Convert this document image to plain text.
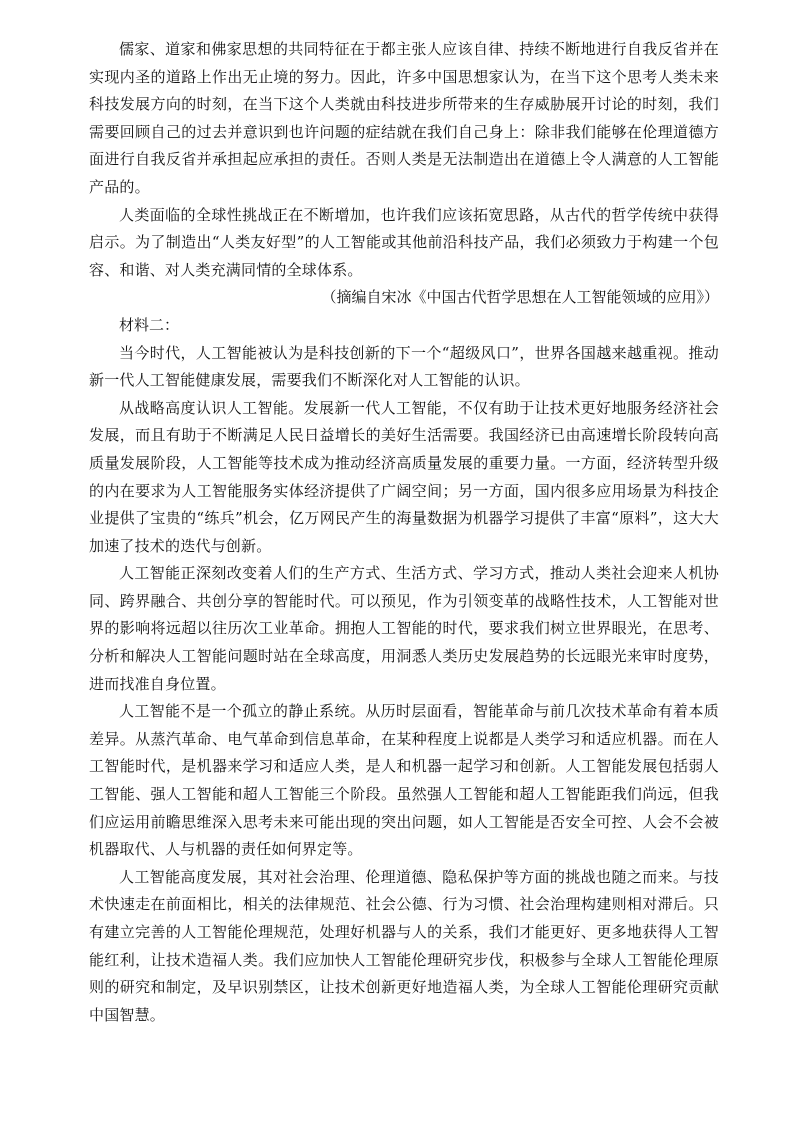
儒家、道家和佛家思想的共同特征在于都主张人应该自律、持续不断地进行自我反省并在实现内圣的道路上作出无止境的努力。因此，许多中国思想家认为，在当下这个思考人类未来科技发展方向的时刻，在当下这个人类就由科技进步所带来的生存威胁展开讨论的时刻，我们需要回顾自己的过去并意识到也许问题的症结就在我们自己身上：除非我们能够在伦理道德方面进行自我反省并承担起应承担的责任。否则人类是无法制造出在道德上令人满意的人工智能产品的。

人类面临的全球性挑战正在不断增加，也许我们应该拓宽思路，从古代的哲学传统中获得启示。为了制造出“人类友好型”的人工智能或其他前沿科技产品，我们必须致力于构建一个包容、和谐、对人类充满同情的全球体系。

（摘编自宋冰《中国古代哲学思想在人工智能领域的应用》）

材料二：

当今时代，人工智能被认为是科技创新的下一个“超级风口”，世界各国越来越重视。推动新一代人工智能健康发展，需要我们不断深化对人工智能的认识。

从战略高度认识人工智能。发展新一代人工智能，不仅有助于让技术更好地服务经济社会发展，而且有助于不断满足人民日益增长的美好生活需要。我国经济已由高速增长阶段转向高质量发展阶段，人工智能等技术成为推动经济高质量发展的重要力量。一方面，经济转型升级的内在要求为人工智能服务实体经济提供了广阔空间；另一方面，国内很多应用场景为科技企业提供了宝贵的“练兵”机会，亿万网民产生的海量数据为机器学习提供了丰富“原料”，这大大加速了技术的迭代与创新。

人工智能正深刻改变着人们的生产方式、生活方式、学习方式，推动人类社会迎来人机协同、跨界融合、共创分享的智能时代。可以预见，作为引领变革的战略性技术，人工智能对世界的影响将远超以往历次工业革命。拥抱人工智能的时代，要求我们树立世界眼光，在思考、分析和解决人工智能问题时站在全球高度，用洞悉人类历史发展趋势的长远眼光来审时度势，进而找准自身位置。

人工智能不是一个孤立的静止系统。从历时层面看，智能革命与前几次技术革命有着本质差异。从蒸汽革命、电气革命到信息革命，在某种程度上说都是人类学习和适应机器。而在人工智能时代，是机器来学习和适应人类，是人和机器一起学习和创新。人工智能发展包括弱人工智能、强人工智能和超人工智能三个阶段。虽然强人工智能和超人工智能距我们尚远，但我们应运用前瞻思维深入思考未来可能出现的突出问题，如人工智能是否安全可控、人会不会被机器取代、人与机器的责任如何界定等。

人工智能高度发展，其对社会治理、伦理道德、隐私保护等方面的挑战也随之而来。与技术快速走在前面相比，相关的法律规范、社会公德、行为习惯、社会治理构建则相对滞后。只有建立完善的人工智能伦理规范，处理好机器与人的关系，我们才能更好、更多地获得人工智能红利，让技术造福人类。我们应加快人工智能伦理研究步伐，积极参与全球人工智能伦理原则的研究和制定，及早识别禁区，让技术创新更好地造福人类，为全球人工智能伦理研究贡献中国智慧。
